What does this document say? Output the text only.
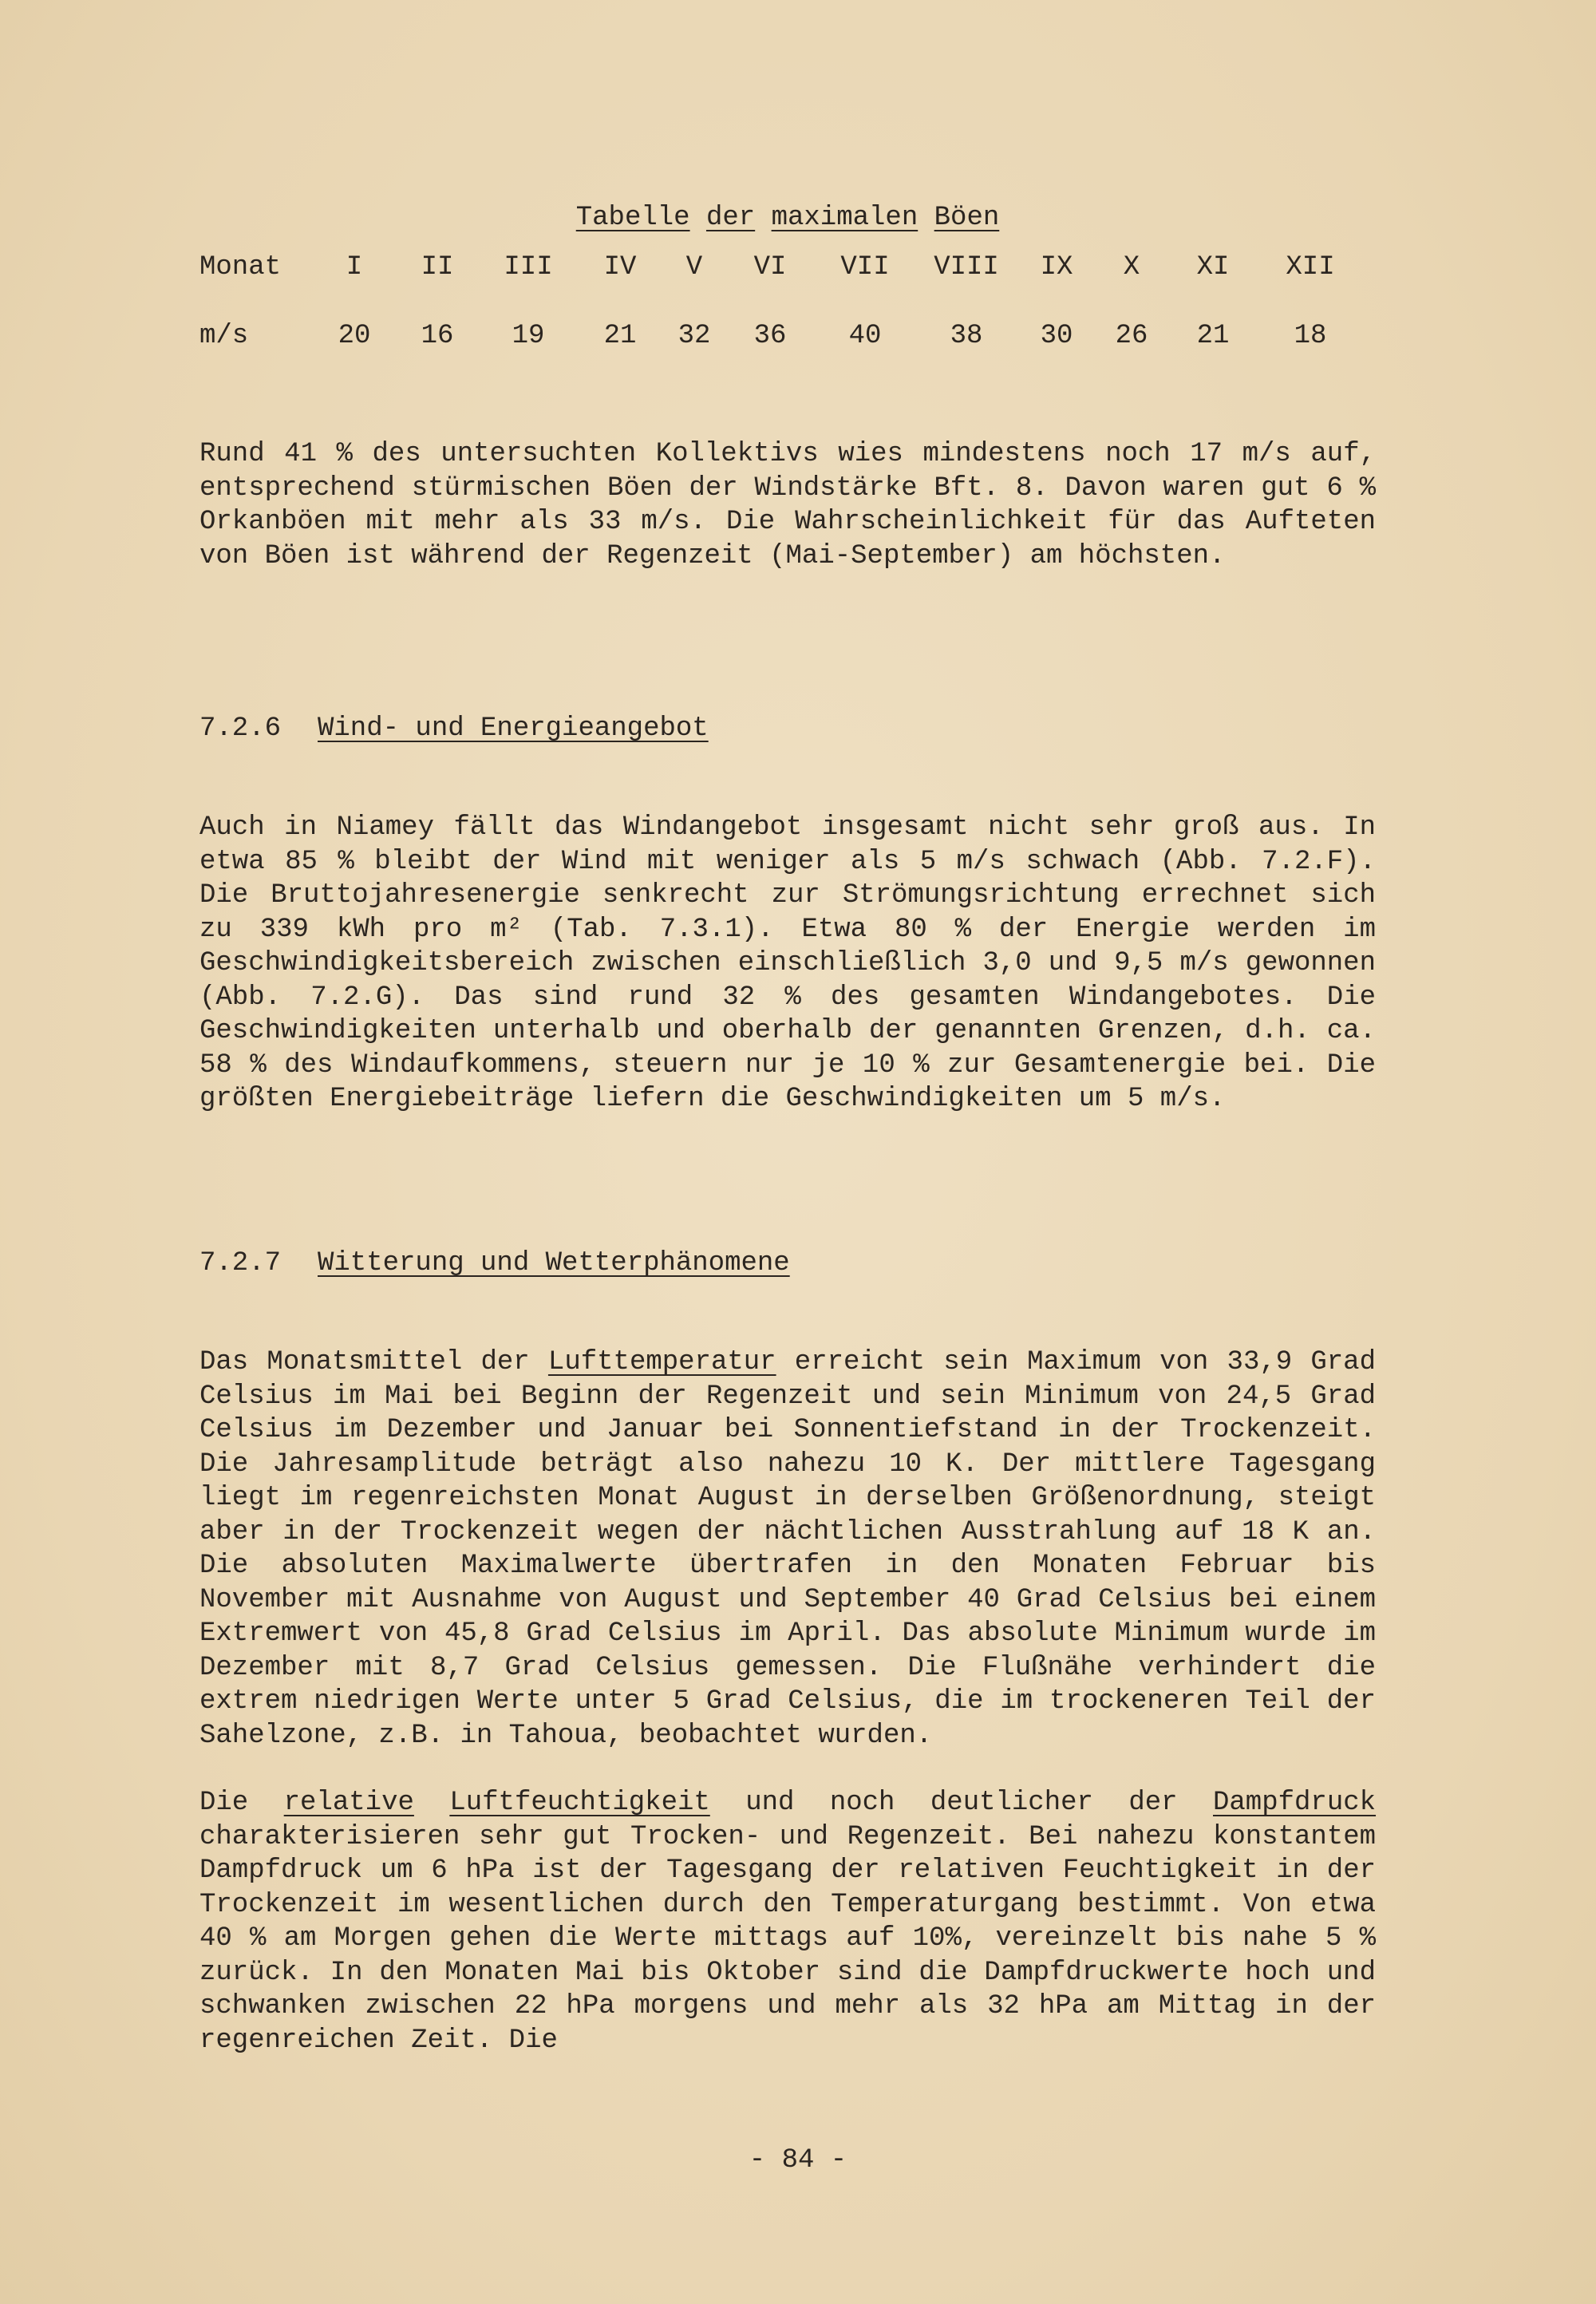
Tabelle der maximalen Böen
Monat	I	II	III	IV	V	VI	VII	VIII	IX	X	XI	XII
m/s	20	16	19	21	32	36	40	38	30	26	21	18

Rund 41 % des untersuchten Kollektivs wies mindestens noch 17 m/s auf, entsprechend stürmischen Böen der Windstärke Bft. 8. Davon waren gut 6 % Orkanböen mit mehr als 33 m/s. Die Wahrscheinlichkeit für das Aufteten von Böen ist während der Regenzeit (Mai-September) am höchsten.

7.2.6 Wind- und Energieangebot

Auch in Niamey fällt das Windangebot insgesamt nicht sehr groß aus. In etwa 85 % bleibt der Wind mit weniger als 5 m/s schwach (Abb. 7.2.F). Die Bruttojahresenergie senkrecht zur Strömungsrichtung errechnet sich zu 339 kWh pro m² (Tab. 7.3.1). Etwa 80 % der Energie werden im Geschwindigkeitsbereich zwischen einschließlich 3,0 und 9,5 m/s gewonnen (Abb. 7.2.G). Das sind rund 32 % des gesamten Windangebotes. Die Geschwindigkeiten unterhalb und oberhalb der genannten Grenzen, d.h. ca. 58 % des Windaufkommens, steuern nur je 10 % zur Gesamtenergie bei. Die größten Energiebeiträge liefern die Geschwindigkeiten um 5 m/s.

7.2.7 Witterung und Wetterphänomene

Das Monatsmittel der Lufttemperatur erreicht sein Maximum von 33,9 Grad Celsius im Mai bei Beginn der Regenzeit und sein Minimum von 24,5 Grad Celsius im Dezember und Januar bei Sonnentiefstand in der Trockenzeit. Die Jahresamplitude beträgt also nahezu 10 K. Der mittlere Tagesgang liegt im regenreichsten Monat August in derselben Größenordnung, steigt aber in der Trockenzeit wegen der nächtlichen Ausstrahlung auf 18 K an. Die absoluten Maximalwerte übertrafen in den Monaten Februar bis November mit Ausnahme von August und September 40 Grad Celsius bei einem Extremwert von 45,8 Grad Celsius im April. Das absolute Minimum wurde im Dezember mit 8,7 Grad Celsius gemessen. Die Flußnähe verhindert die extrem niedrigen Werte unter 5 Grad Celsius, die im trockeneren Teil der Sahelzone, z.B. in Tahoua, beobachtet wurden.

Die relative Luftfeuchtigkeit und noch deutlicher der Dampfdruck charakterisieren sehr gut Trocken- und Regenzeit. Bei nahezu konstantem Dampfdruck um 6 hPa ist der Tagesgang der relativen Feuchtigkeit in der Trockenzeit im wesentlichen durch den Temperaturgang bestimmt. Von etwa 40 % am Morgen gehen die Werte mittags auf 10%, vereinzelt bis nahe 5 % zurück. In den Monaten Mai bis Oktober sind die Dampfdruckwerte hoch und schwanken zwischen 22 hPa morgens und mehr als 32 hPa am Mittag in der regenreichen Zeit. Die

- 84 -
